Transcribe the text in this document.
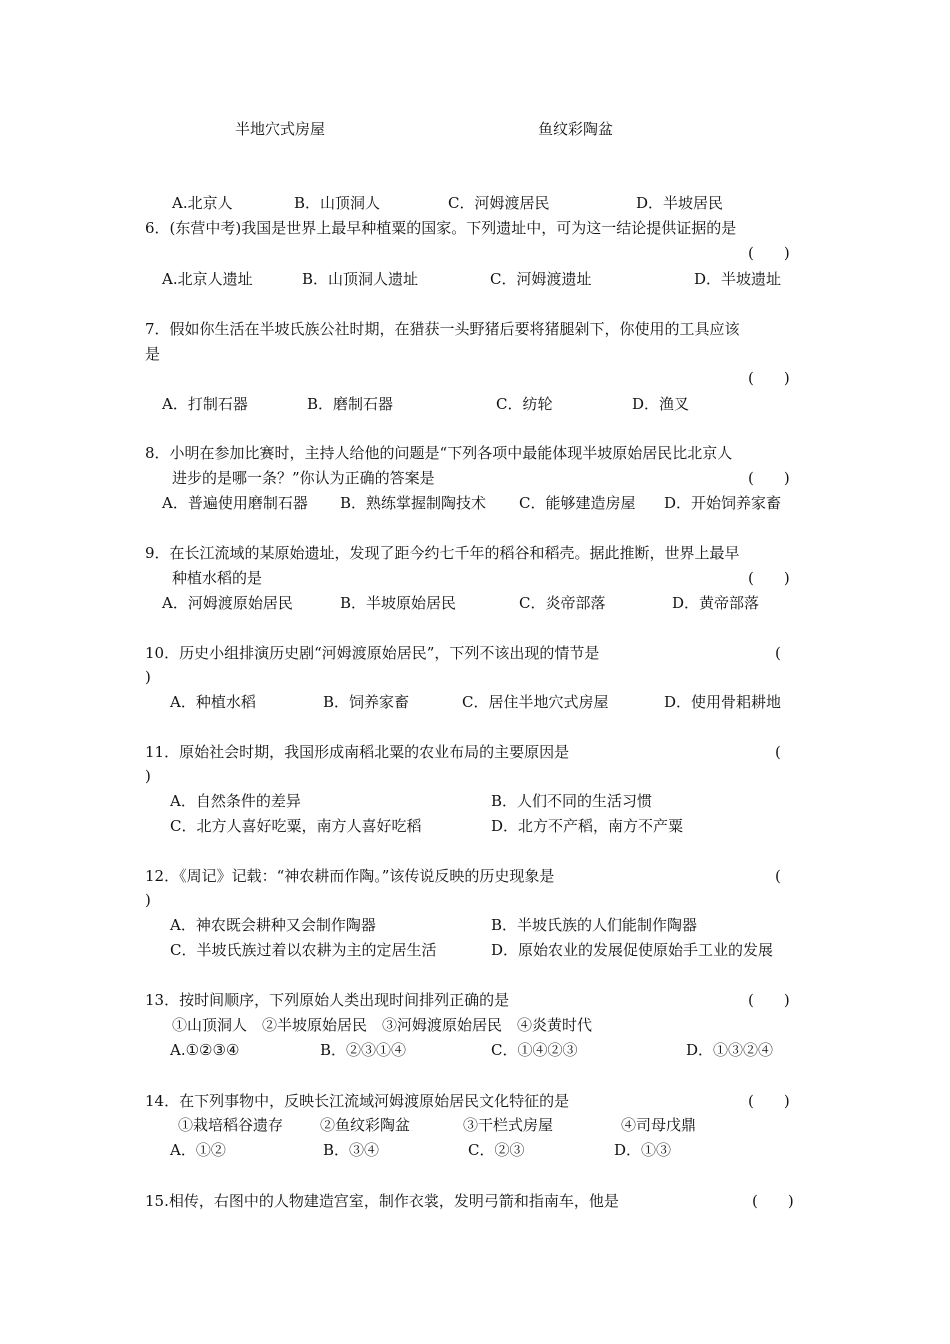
半地穴式房屋	鱼纹彩陶盆
A.北京人	B．山顶洞人	C．河姆渡居民	D．半坡居民
6．(东营中考)我国是世界上最早种植粟的国家。下列遗址中，可为这一结论提供证据的是
(　　)
A.北京人遗址	B．山顶洞人遗址	C．河姆渡遗址	D．半坡遗址
7．假如你生活在半坡氏族公社时期，在猎获一头野猪后要将猪腿剁下，你使用的工具应该
是
(　　)
A．打制石器	B．磨制石器	C．纺轮	D．渔叉
8．小明在参加比赛时，主持人给他的问题是“下列各项中最能体现半坡原始居民比北京人
进步的是哪一条？”你认为正确的答案是	(　　)
A．普遍使用磨制石器 B．熟练掌握制陶技术 C．能够建造房屋 D．开始饲养家畜
9．在长江流域的某原始遗址，发现了距今约七千年的稻谷和稻壳。据此推断，世界上最早
种植水稻的是	(　　)
A．河姆渡原始居民	B．半坡原始居民	C．炎帝部落	D．黄帝部落
10．历史小组排演历史剧“河姆渡原始居民”，下列不该出现的情节是	(
)
A．种植水稻	B．饲养家畜	C．居住半地穴式房屋	D．使用骨耜耕地
11．原始社会时期，我国形成南稻北粟的农业布局的主要原因是	(
)
A．自然条件的差异	B．人们不同的生活习惯
C．北方人喜好吃粟，南方人喜好吃稻	D．北方不产稻，南方不产粟
12．《周记》记载：“神农耕而作陶。”该传说反映的历史现象是	(
)
A．神农既会耕种又会制作陶器	B．半坡氏族的人们能制作陶器
C．半坡氏族过着以农耕为主的定居生活	D．原始农业的发展促使原始手工业的发展
13．按时间顺序，下列原始人类出现时间排列正确的是	(　　)
①山顶洞人　②半坡原始居民　③河姆渡原始居民　④炎黄时代
A.①②③④	B．②③①④	C．①④②③	D．①③②④
14．在下列事物中，反映长江流域河姆渡原始居民文化特征的是	(　　)
①栽培稻谷遗存 ②鱼纹彩陶盆	③干栏式房屋	④司母戊鼎
A．①②	B．③④	C．②③	D．①③
15.相传，右图中的人物建造宫室，制作衣裳，发明弓箭和指南车，他是	(　　)
